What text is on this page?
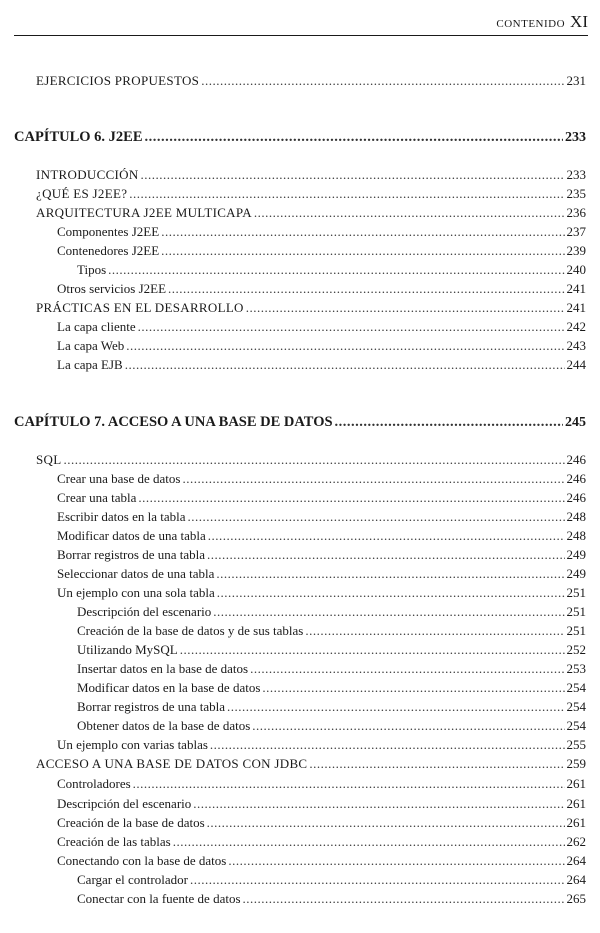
CONTENIDO XI
EJERCICIOS PROPUESTOS .....	231
CAPÍTULO 6. J2EE .....	233
INTRODUCCIÓN .....	233
¿QUÉ ES J2EE? .....	235
ARQUITECTURA J2EE MULTICAPA .....	236
Componentes J2EE .....	237
Contenedores J2EE .....	239
Tipos .....	240
Otros servicios J2EE .....	241
PRÁCTICAS EN EL DESARROLLO .....	241
La capa cliente .....	242
La capa Web .....	243
La capa EJB .....	244
CAPÍTULO 7. ACCESO A UNA BASE DE DATOS .....	245
SQL .....	246
Crear una base de datos .....	246
Crear una tabla .....	246
Escribir datos en la tabla .....	248
Modificar datos de una tabla .....	248
Borrar registros de una tabla .....	249
Seleccionar datos de una tabla .....	249
Un ejemplo con una sola tabla .....	251
Descripción del escenario .....	251
Creación de la base de datos y de sus tablas .....	251
Utilizando MySQL .....	252
Insertar datos en la base de datos .....	253
Modificar datos en la base de datos .....	254
Borrar registros de una tabla .....	254
Obtener datos de la base de datos .....	254
Un ejemplo con varias tablas .....	255
ACCESO A UNA BASE DE DATOS CON JDBC .....	259
Controladores .....	261
Descripción del escenario .....	261
Creación de la base de datos .....	261
Creación de las tablas .....	262
Conectando con la base de datos .....	264
Cargar el controlador .....	264
Conectar con la fuente de datos .....	265
